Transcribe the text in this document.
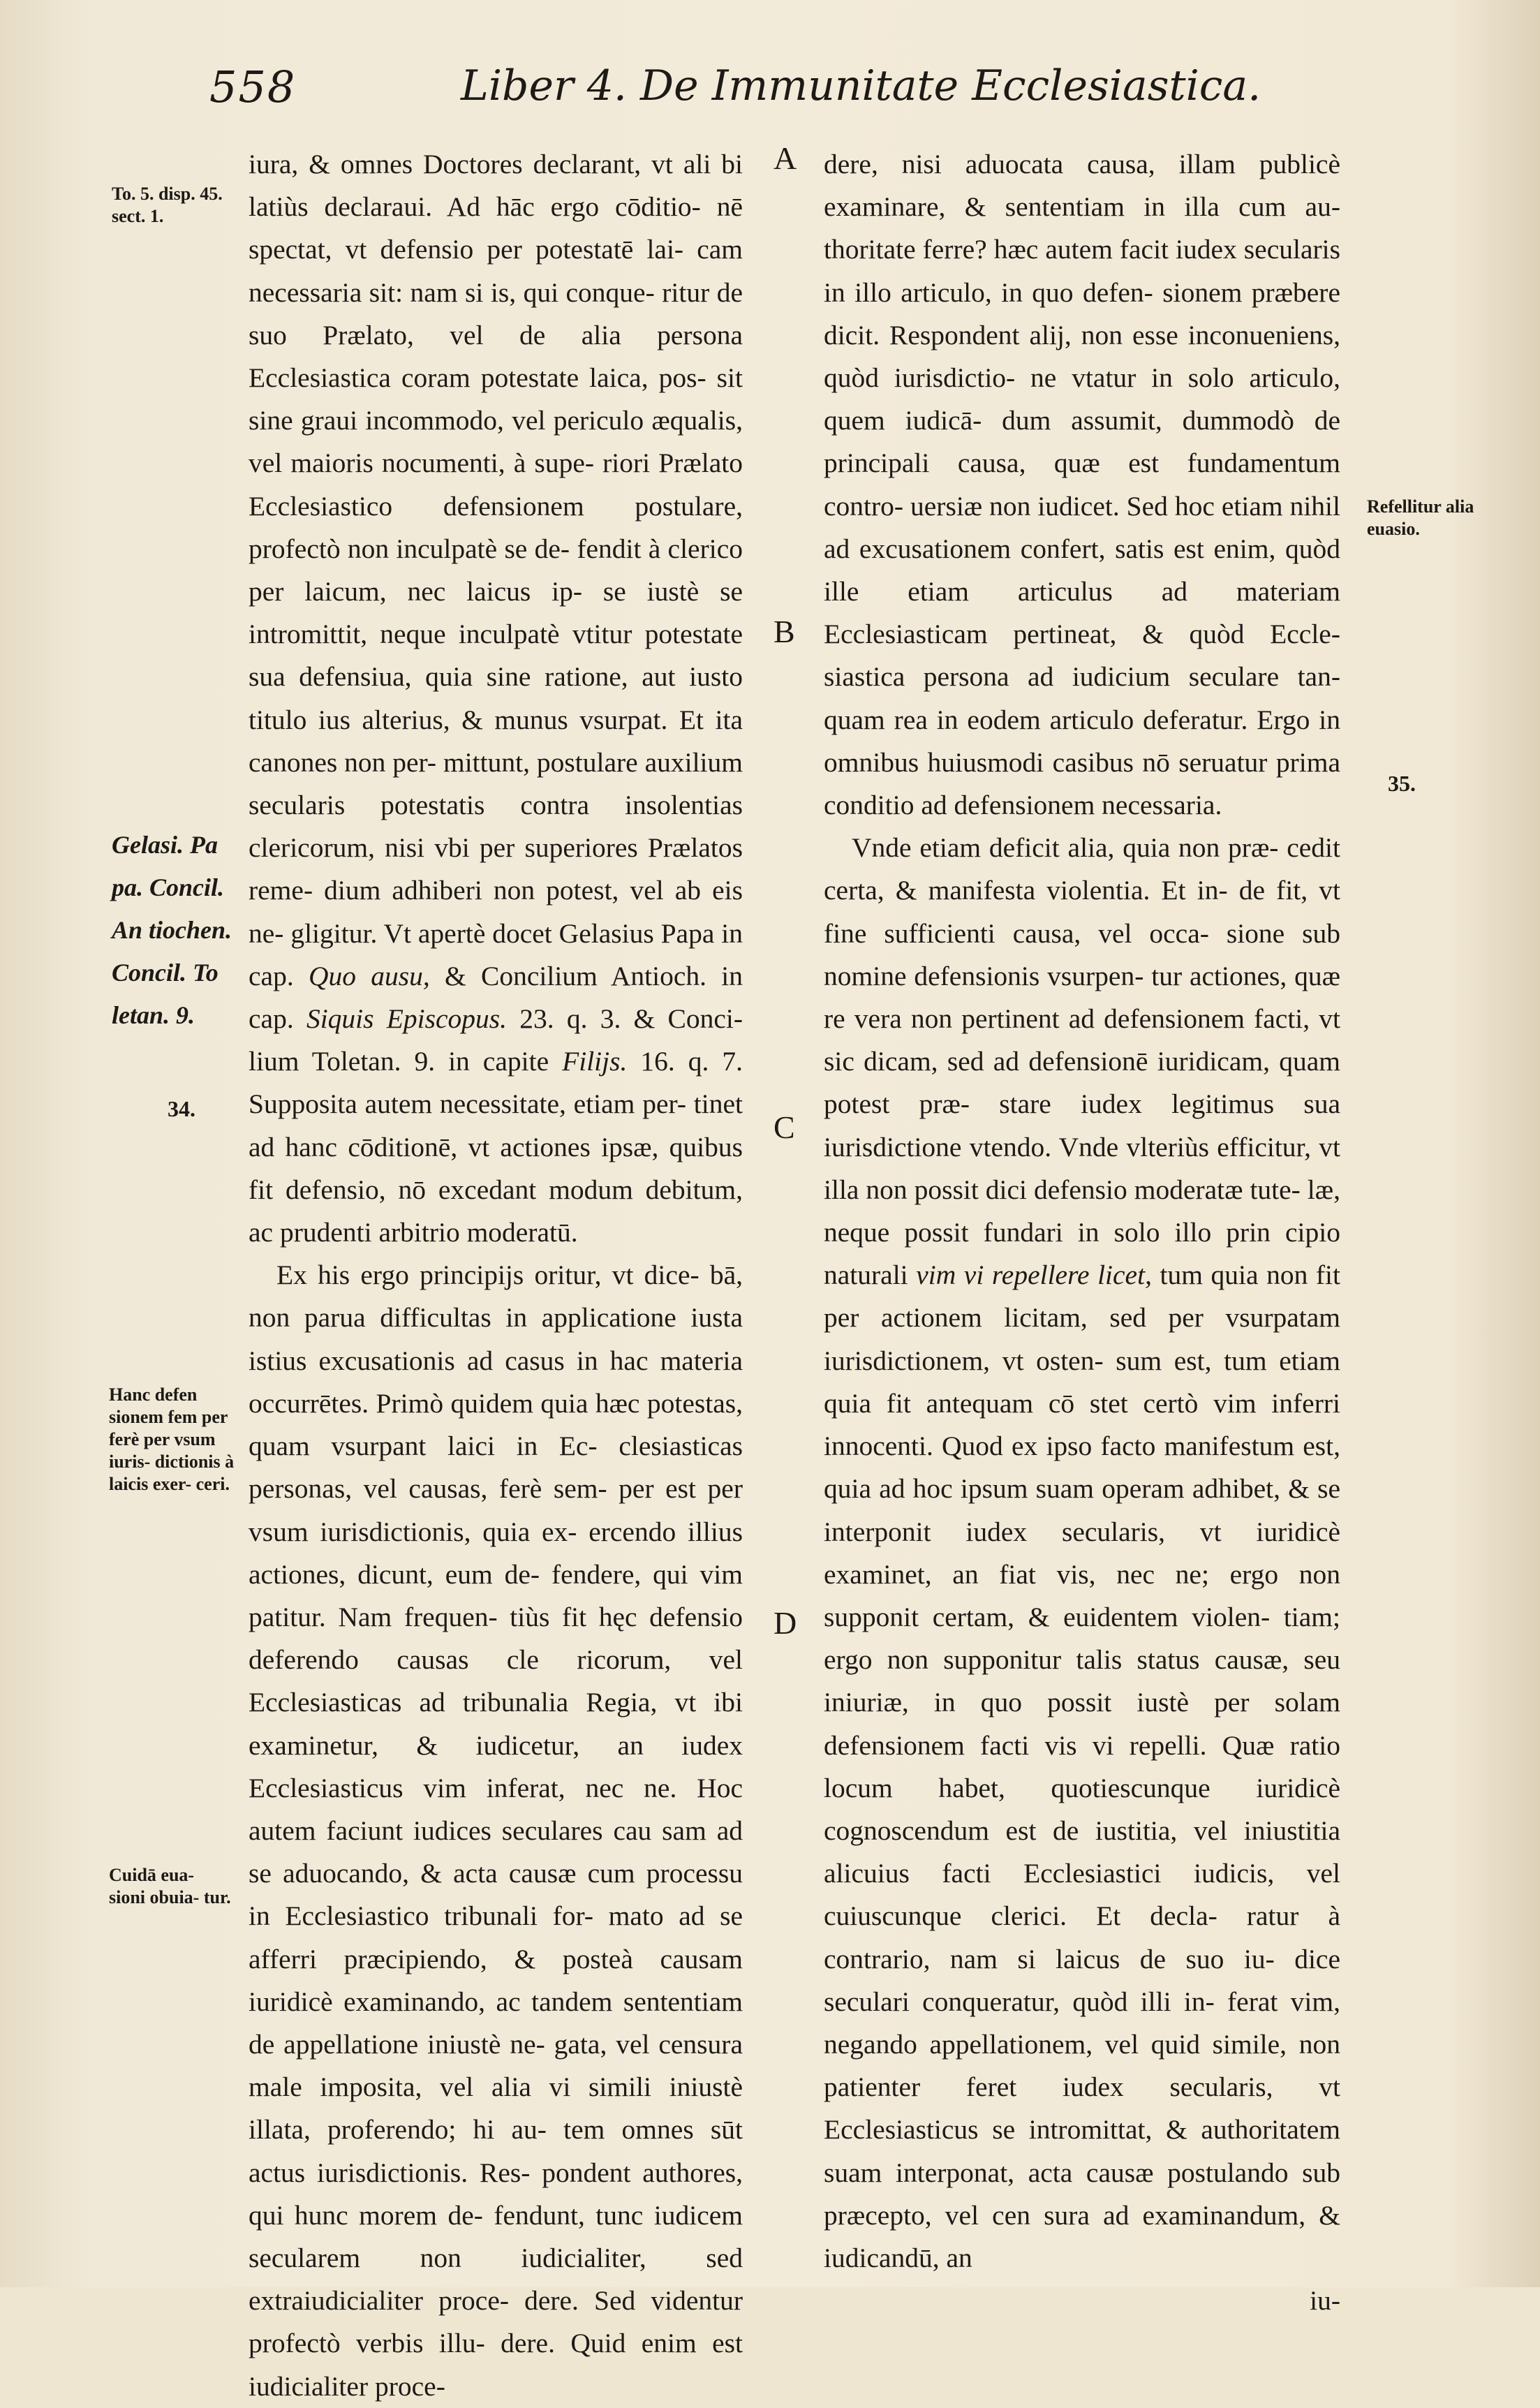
558	Liber 4. De Immunitate Ecclesiastica.
To. 5. disp. 45. sect. 1.
Gelasi. Pa pa. Concil. An tiochen. Concil. To letan. 9.
34.
Hanc defen sionem fem per ferè per vsum iuris- dictionis à laicis exer- ceri.
Cuidā eua- sioni obuia- tur.
Refellitur alia euasio.
35.
A
B
C
D

iura, & omnes Doctores declarant, vt ali bi latiùs declaraui. Ad hāc ergo cōditio- nē spectat, vt defensio per potestatē lai- cam necessaria sit: nam si is, qui conque- ritur de suo Prælato, vel de alia persona Ecclesiastica coram potestate laica, pos- sit sine graui incommodo, vel periculo æqualis, vel maioris nocumenti, à supe- riori Prælato Ecclesiastico defensionem postulare, profectò non inculpatè se de- fendit à clerico per laicum, nec laicus ip- se iustè se intromittit, neque inculpatè vtitur potestate sua defensiua, quia sine ratione, aut iusto titulo ius alterius, & munus vsurpat. Et ita canones non per- mittunt, postulare auxilium secularis potestatis contra insolentias clericorum, nisi vbi per superiores Prælatos reme- dium adhiberi non potest, vel ab eis ne- gligitur. Vt apertè docet Gelasius Papa in cap. Quo ausu, & Concilium Antioch. in cap. Siquis Episcopus. 23. q. 3. & Conci- lium Toletan. 9. in capite Filijs. 16. q. 7. Supposita autem necessitate, etiam per- tinet ad hanc cōditionē, vt actiones ipsæ, quibus fit defensio, nō excedant modum debitum, ac prudenti arbitrio moderatū.

Ex his ergo principijs oritur, vt dice- bā, non parua difficultas in applicatione iusta istius excusationis ad casus in hac materia occurrētes. Primò quidem quia hæc potestas, quam vsurpant laici in Ec- clesiasticas personas, vel causas, ferè sem- per est per vsum iurisdictionis, quia ex- ercendo illius actiones, dicunt, eum de- fendere, qui vim patitur. Nam frequen- tiùs fit hęc defensio deferendo causas cle ricorum, vel Ecclesiasticas ad tribunalia Regia, vt ibi examinetur, & iudicetur, an iudex Ecclesiasticus vim inferat, nec ne. Hoc autem faciunt iudices seculares cau sam ad se aduocando, & acta causæ cum processu in Ecclesiastico tribunali for- mato ad se afferri præcipiendo, & posteà causam iuridicè examinando, ac tandem sententiam de appellatione iniustè ne- gata, vel censura male imposita, vel alia vi simili iniustè illata, proferendo; hi au- tem omnes sūt actus iurisdictionis. Res- pondent authores, qui hunc morem de- fendunt, tunc iudicem secularem non iudicialiter, sed extraiudicialiter proce- dere. Sed videntur profectò verbis illu- dere. Quid enim est iudicialiter proce-

dere, nisi aduocata causa, illam publicè examinare, & sententiam in illa cum au- thoritate ferre? hæc autem facit iudex secularis in illo articulo, in quo defen- sionem præbere dicit. Respondent alij, non esse inconueniens, quòd iurisdictio- ne vtatur in solo articulo, quem iudicā- dum assumit, dummodò de principali causa, quæ est fundamentum contro- uersiæ non iudicet. Sed hoc etiam nihil ad excusationem confert, satis est enim, quòd ille etiam articulus ad materiam Ecclesiasticam pertineat, & quòd Eccle- siastica persona ad iudicium seculare tan- quam rea in eodem articulo deferatur. Ergo in omnibus huiusmodi casibus nō seruatur prima conditio ad defensionem necessaria.

Vnde etiam deficit alia, quia non præ- cedit certa, & manifesta violentia. Et in- de fit, vt fine sufficienti causa, vel occa- sione sub nomine defensionis vsurpen- tur actiones, quæ re vera non pertinent ad defensionem facti, vt sic dicam, sed ad defensionē iuridicam, quam potest præ- stare iudex legitimus sua iurisdictione vtendo. Vnde vlteriùs efficitur, vt illa non possit dici defensio moderatæ tute- læ, neque possit fundari in solo illo prin cipio naturali vim vi repellere licet, tum quia non fit per actionem licitam, sed per vsurpatam iurisdictionem, vt osten- sum est, tum etiam quia fit antequam cō stet certò vim inferri innocenti. Quod ex ipso facto manifestum est, quia ad hoc ipsum suam operam adhibet, & se interponit iudex secularis, vt iuridicè examinet, an fiat vis, nec ne; ergo non supponit certam, & euidentem violen- tiam; ergo non supponitur talis status causæ, seu iniuriæ, in quo possit iustè per solam defensionem facti vis vi repelli. Quæ ratio locum habet, quotiescunque iuridicè cognoscendum est de iustitia, vel iniustitia alicuius facti Ecclesiastici iudicis, vel cuiuscunque clerici. Et decla- ratur à contrario, nam si laicus de suo iu- dice seculari conqueratur, quòd illi in- ferat vim, negando appellationem, vel quid simile, non patienter feret iudex secularis, vt Ecclesiasticus se intromittat, & authoritatem suam interponat, acta causæ postulando sub præcepto, vel cen sura ad examinandum, & iudicandū, an

iu-
